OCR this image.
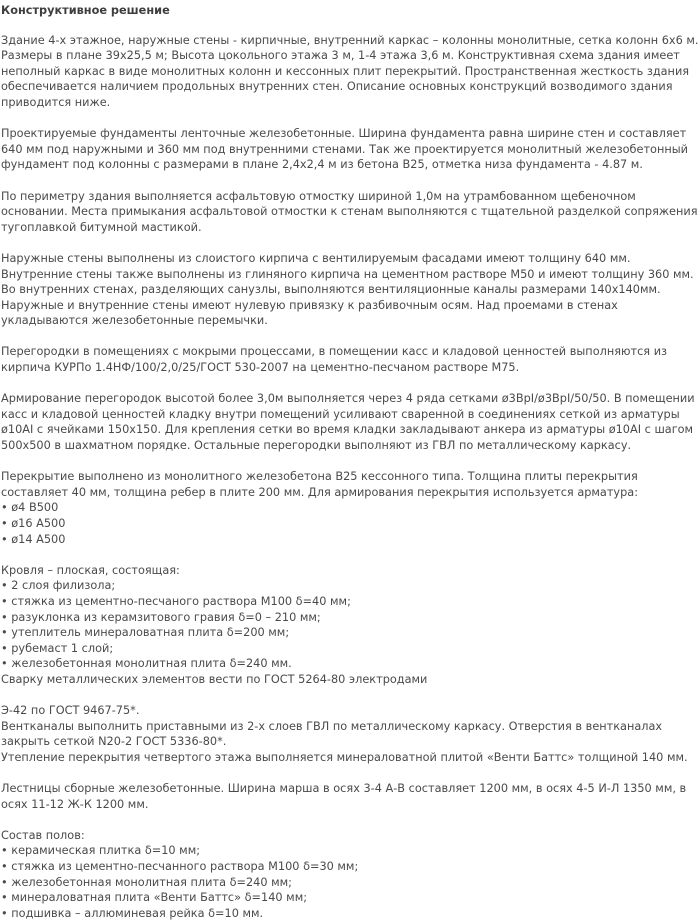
Конструктивное решение

Здание 4-х этажное, наружные стены - кирпичные, внутренний каркас – колонны монолитные, сетка колонн 6х6 м. Размеры в плане 39х25,5 м; Высота цокольного этажа 3 м, 1-4 этажа 3,6 м. Конструктивная схема здания имеет неполный каркас в виде монолитных колонн и кессонных плит перекрытий. Пространственная жесткость здания обеспечивается наличием продольных внутренних стен. Описание основных конструкций возводимого здания приводится ниже.

Проектируемые фундаменты ленточные железобетонные. Ширина фундамента равна ширине стен и составляет 640 мм под наружными и 360 мм под внутренними стенами. Так же проектируется монолитный железобетонный фундамент под колонны с размерами в плане 2,4х2,4 м из бетона В25, отметка низа фундамента - 4.87 м.

По периметру здания выполняется асфальтовую отмостку шириной 1,0м на утрамбованном щебеночном основании. Места примыкания асфальтовой отмостки к стенам выполняются с тщательной разделкой сопряжения тугоплавкой битумной мастикой.

Наружные стены выполнены из слоистого кирпича с вентилируемым фасадами имеют толщину 640 мм. Внутренние стены также выполнены из глиняного кирпича на цементном растворе М50 и имеют толщину 360 мм.
Во внутренних стенах, разделяющих санузлы, выполняются вентиляционные каналы размерами 140х140мм. Наружные и внутренние стены имеют нулевую привязку к разбивочным осям. Над проемами в стенах укладываются железобетонные перемычки.

Перегородки в помещениях с мокрыми процессами, в помещении касс и кладовой ценностей выполняются из кирпича КУРПо 1.4НФ/100/2,0/25/ГОСТ 530-2007 на цементно-песчаном растворе М75.

Армирование перегородок высотой более 3,0м выполняется через 4 ряда сетками ø3ВрI/ø3ВрI/50/50. В помещении касс и кладовой ценностей кладку внутри помещений усиливают сваренной в соединениях сеткой из арматуры ø10АI с ячейками 150х150. Для крепления сетки во время кладки закладывают анкера из арматуры ø10АI с шагом 500х500 в шахматном порядке. Остальные перегородки выполняют из ГВЛ по металлическому каркасу.

Перекрытие выполнено из монолитного железобетона В25 кессонного типа. Толщина плиты перекрытия составляет 40 мм, толщина ребер в плите 200 мм. Для армирования перекрытия используется арматура:

• ø4 В500
• ø16 А500
• ø14 А500

Кровля – плоская, состоящая:

• 2 слоя филизола;
• стяжка из цементно-песчаного раствора М100 δ=40 мм;
• разуклонка из керамзитового гравия δ=0 – 210 мм;
• утеплитель минераловатная плита δ=200 мм;
• рубемаст 1 слой;
• железобетонная монолитная плита δ=240 мм.

Сварку металлических элементов вести по ГОСТ 5264-80 электродами

Э-42 по ГОСТ 9467-75*.
Вентканалы выполнить приставными из 2-х слоев ГВЛ по металлическому каркасу. Отверстия в вентканалах закрыть сеткой N20-2 ГОСТ 5336-80*.
Утепление перекрытия четвертого этажа выполняется минераловатной плитой «Венти Баттс» толщиной 140 мм.

Лестницы сборные железобетонные. Ширина марша в осях 3-4 А-В составляет 1200 мм, в осях 4-5 И-Л 1350 мм, в осях 11-12 Ж-К 1200 мм.

Состав полов:

• керамическая плитка δ=10 мм;
• стяжка из цементно-песчанного раствора М100 δ=30 мм;
• железобетонная монолитная плита δ=240 мм;
• минераловатная плита «Венти Баттс» δ=140 мм;
• подшивка – аллюминевая рейка δ=10 мм.
